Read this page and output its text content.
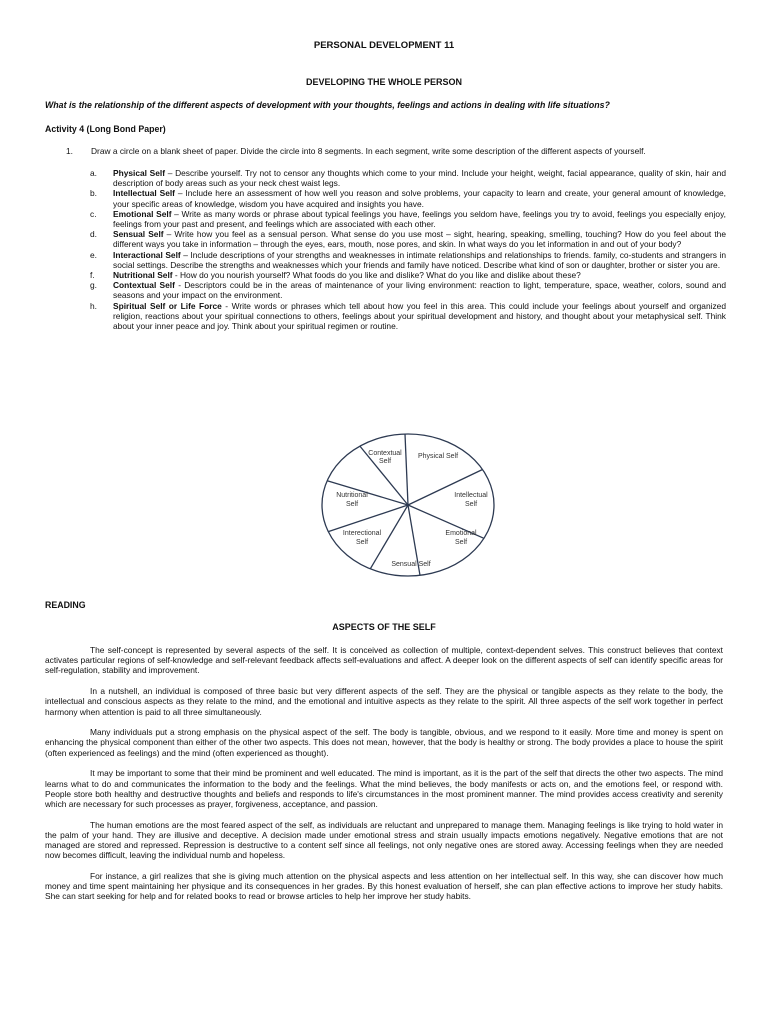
PERSONAL DEVELOPMENT 11
DEVELOPING THE WHOLE PERSON
What is the relationship of the different aspects of development with your thoughts, feelings and actions in dealing with life situations?
Activity 4 (Long Bond Paper)
1. Draw a circle on a blank sheet of paper. Divide the circle into 8 segments. In each segment, write some description of the different aspects of yourself.
a. Physical Self – Describe yourself. Try not to censor any thoughts which come to your mind. Include your height, weight, facial appearance, quality of skin, hair and description of body areas such as your neck chest waist legs.
b. Intellectual Self – Include here an assessment of how well you reason and solve problems, your capacity to learn and create, your general amount of knowledge, your specific areas of knowledge, wisdom you have acquired and insights you have.
c. Emotional Self – Write as many words or phrase about typical feelings you have, feelings you seldom have, feelings you try to avoid, feelings you especially enjoy, feelings from your past and present, and feelings which are associated with each other.
d. Sensual Self – Write how you feel as a sensual person. What sense do you use most – sight, hearing, speaking, smelling, touching? How do you feel about the different ways you take in information – through the eyes, ears, mouth, nose pores, and skin. In what ways do you let information in and out of your body?
e. Interactional Self – Include descriptions of your strengths and weaknesses in intimate relationships and relationships to friends. family, co-students and strangers in social settings. Describe the strengths and weaknesses which your friends and family have noticed. Describe what kind of son or daughter, brother or sister you are.
f. Nutritional Self - How do you nourish yourself? What foods do you like and dislike? What do you like and dislike about these?
g. Contextual Self - Descriptors could be in the areas of maintenance of your living environment: reaction to light, temperature, space, weather, colors, sound and seasons and your impact on the environment.
h. Spiritual Self or Life Force - Write words or phrases which tell about how you feel in this area. This could include your feelings about yourself and organized religion, reactions about your spiritual connections to others, feelings about your spiritual development and history, and thought about your metaphysical self. Think about your inner peace and joy. Think about your spiritual regimen or routine.
Contextual
Self
Physical Self
Intellectual
Self
Nutritional
Self
Emotional
Self
Interectional
Self
Sensual Self
READING
ASPECTS OF THE SELF

The self-concept is represented by several aspects of the self. It is conceived as collection of multiple, context-dependent selves. This construct believes that context activates particular regions of self-knowledge and self-relevant feedback affects self-evaluations and affect. A deeper look on the different aspects of self can identify specific areas for self-regulation, stability and improvement.

In a nutshell, an individual is composed of three basic but very different aspects of the self. They are the physical or tangible aspects as they relate to the body, the intellectual and conscious aspects as they relate to the mind, and the emotional and intuitive aspects as they relate to the spirit. All three aspects of the self work together in perfect harmony when attention is paid to all three simultaneously.

Many individuals put a strong emphasis on the physical aspect of the self. The body is tangible, obvious, and we respond to it easily. More time and money is spent on enhancing the physical component than either of the other two aspects. This does not mean, however, that the body is healthy or strong. The body provides a place to house the spirit (often experienced as feelings) and the mind (often experienced as thought).

It may be important to some that their mind be prominent and well educated. The mind is important, as it is the part of the self that directs the other two aspects. The mind learns what to do and communicates the information to the body and the feelings. What the mind believes, the body manifests or acts on, and the emotions feel, or respond with. People store both healthy and destructive thoughts and beliefs and responds to life's circumstances in the most prominent manner. The mind provides access creativity and serenity which are necessary for such processes as prayer, forgiveness, acceptance, and passion.

The human emotions are the most feared aspect of the self, as individuals are reluctant and unprepared to manage them. Managing feelings is like trying to hold water in the palm of your hand. They are illusive and deceptive. A decision made under emotional stress and strain usually impacts emotions negatively. Negative emotions that are not managed are stored and repressed. Repression is destructive to a content self since all feelings, not only negative ones are stored away. Accessing feelings when they are needed now becomes difficult, leaving the individual numb and hopeless.

For instance, a girl realizes that she is giving much attention on the physical aspects and less attention on her intellectual self. In this way, she can discover how much money and time spent maintaining her physique and its consequences in her grades. By this honest evaluation of herself, she can plan effective actions to improve her study habits. She can start seeking for help and for related books to read or browse articles to help her improve her study habits.
